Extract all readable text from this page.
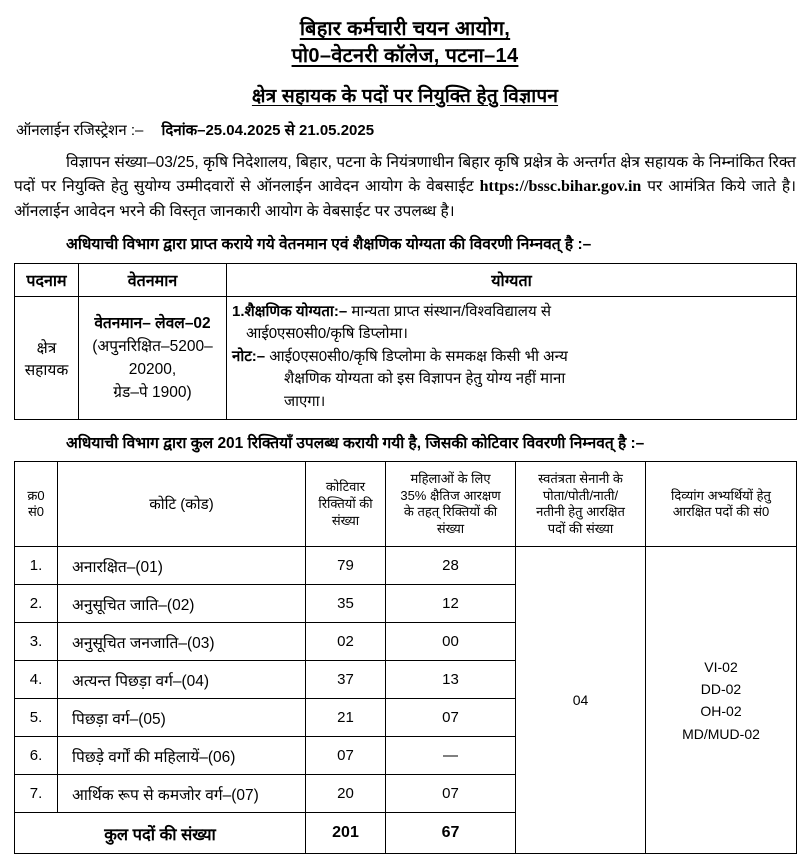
बिहार कर्मचारी चयन आयोग,
पो0–वेटनरी कॉलेज, पटना–14
क्षेत्र सहायक के पदों पर नियुक्ति हेतु विज्ञापन
ऑनलाईन रजिस्ट्रेशन :– दिनांक–25.04.2025 से 21.05.2025
विज्ञापन संख्या–03/25, कृषि निदेशालय, बिहार, पटना के नियंत्रणाधीन बिहार कृषि प्रक्षेत्र के अन्तर्गत क्षेत्र सहायक के निम्नांकित रिक्त पदों पर नियुक्ति हेतु सुयोग्य उम्मीदवारों से ऑनलाईन आवेदन आयोग के वेबसाईट https://bssc.bihar.gov.in पर आमंत्रित किये जाते है। ऑनलाईन आवेदन भरने की विस्तृत जानकारी आयोग के वेबसाईट पर उपलब्ध है।
अधियाची विभाग द्वारा प्राप्त कराये गये वेतनमान एवं शैक्षणिक योग्यता की विवरणी निम्नवत् है :–
पदनाम	वेतनमान	योग्यता
क्षेत्र सहायक	वेतनमान– लेवल–02
(अपुनरिक्षित–5200–20200,
ग्रेड–पे 1900)	1.शैक्षणिक योग्यता:– मान्यता प्राप्त संस्थान/विश्वविद्यालय से
आई0एस0सी0/कृषि डिप्लोमा।
नोट:– आई0एस0सी0/कृषि डिप्लोमा के समकक्ष किसी भी अन्य
शैक्षणिक योग्यता को इस विज्ञापन हेतु योग्य नहीं माना
जाएगा।
अधियाची विभाग द्वारा कुल 201 रिक्तियाँ उपलब्ध करायी गयी है, जिसकी कोटिवार विवरणी निम्नवत् है :–
क्र0
सं0	कोटि (कोड)	कोटिवार
रिक्तियों की
संख्या	महिलाओं के लिए
35% क्षैतिज आरक्षण
के तहत् रिक्तियों की
संख्या	स्वतंत्रता सेनानी के
पोता/पोती/नाती/
नतीनी हेतु आरक्षित
पदों की संख्या	दिव्यांग अभ्यर्थियों हेतु
आरक्षित पदों की सं0

1.	अनारक्षित–(01)	79	28	04	VI-02
DD-02
OH-02
MD/MUD-02

2.	अनुसूचित जाति–(02)	35	12		
3.	अनुसूचित जनजाति–(03)	02	00		
4.	अत्यन्त पिछड़ा वर्ग–(04)	37	13		
5.	पिछड़ा वर्ग–(05)	21	07		
6.	पिछड़े वर्गों की महिलायें–(06)	07	—		
7.	आर्थिक रूप से कमजोर वर्ग–(07)	20	07		
कुल पदों की संख्या		201	67		
